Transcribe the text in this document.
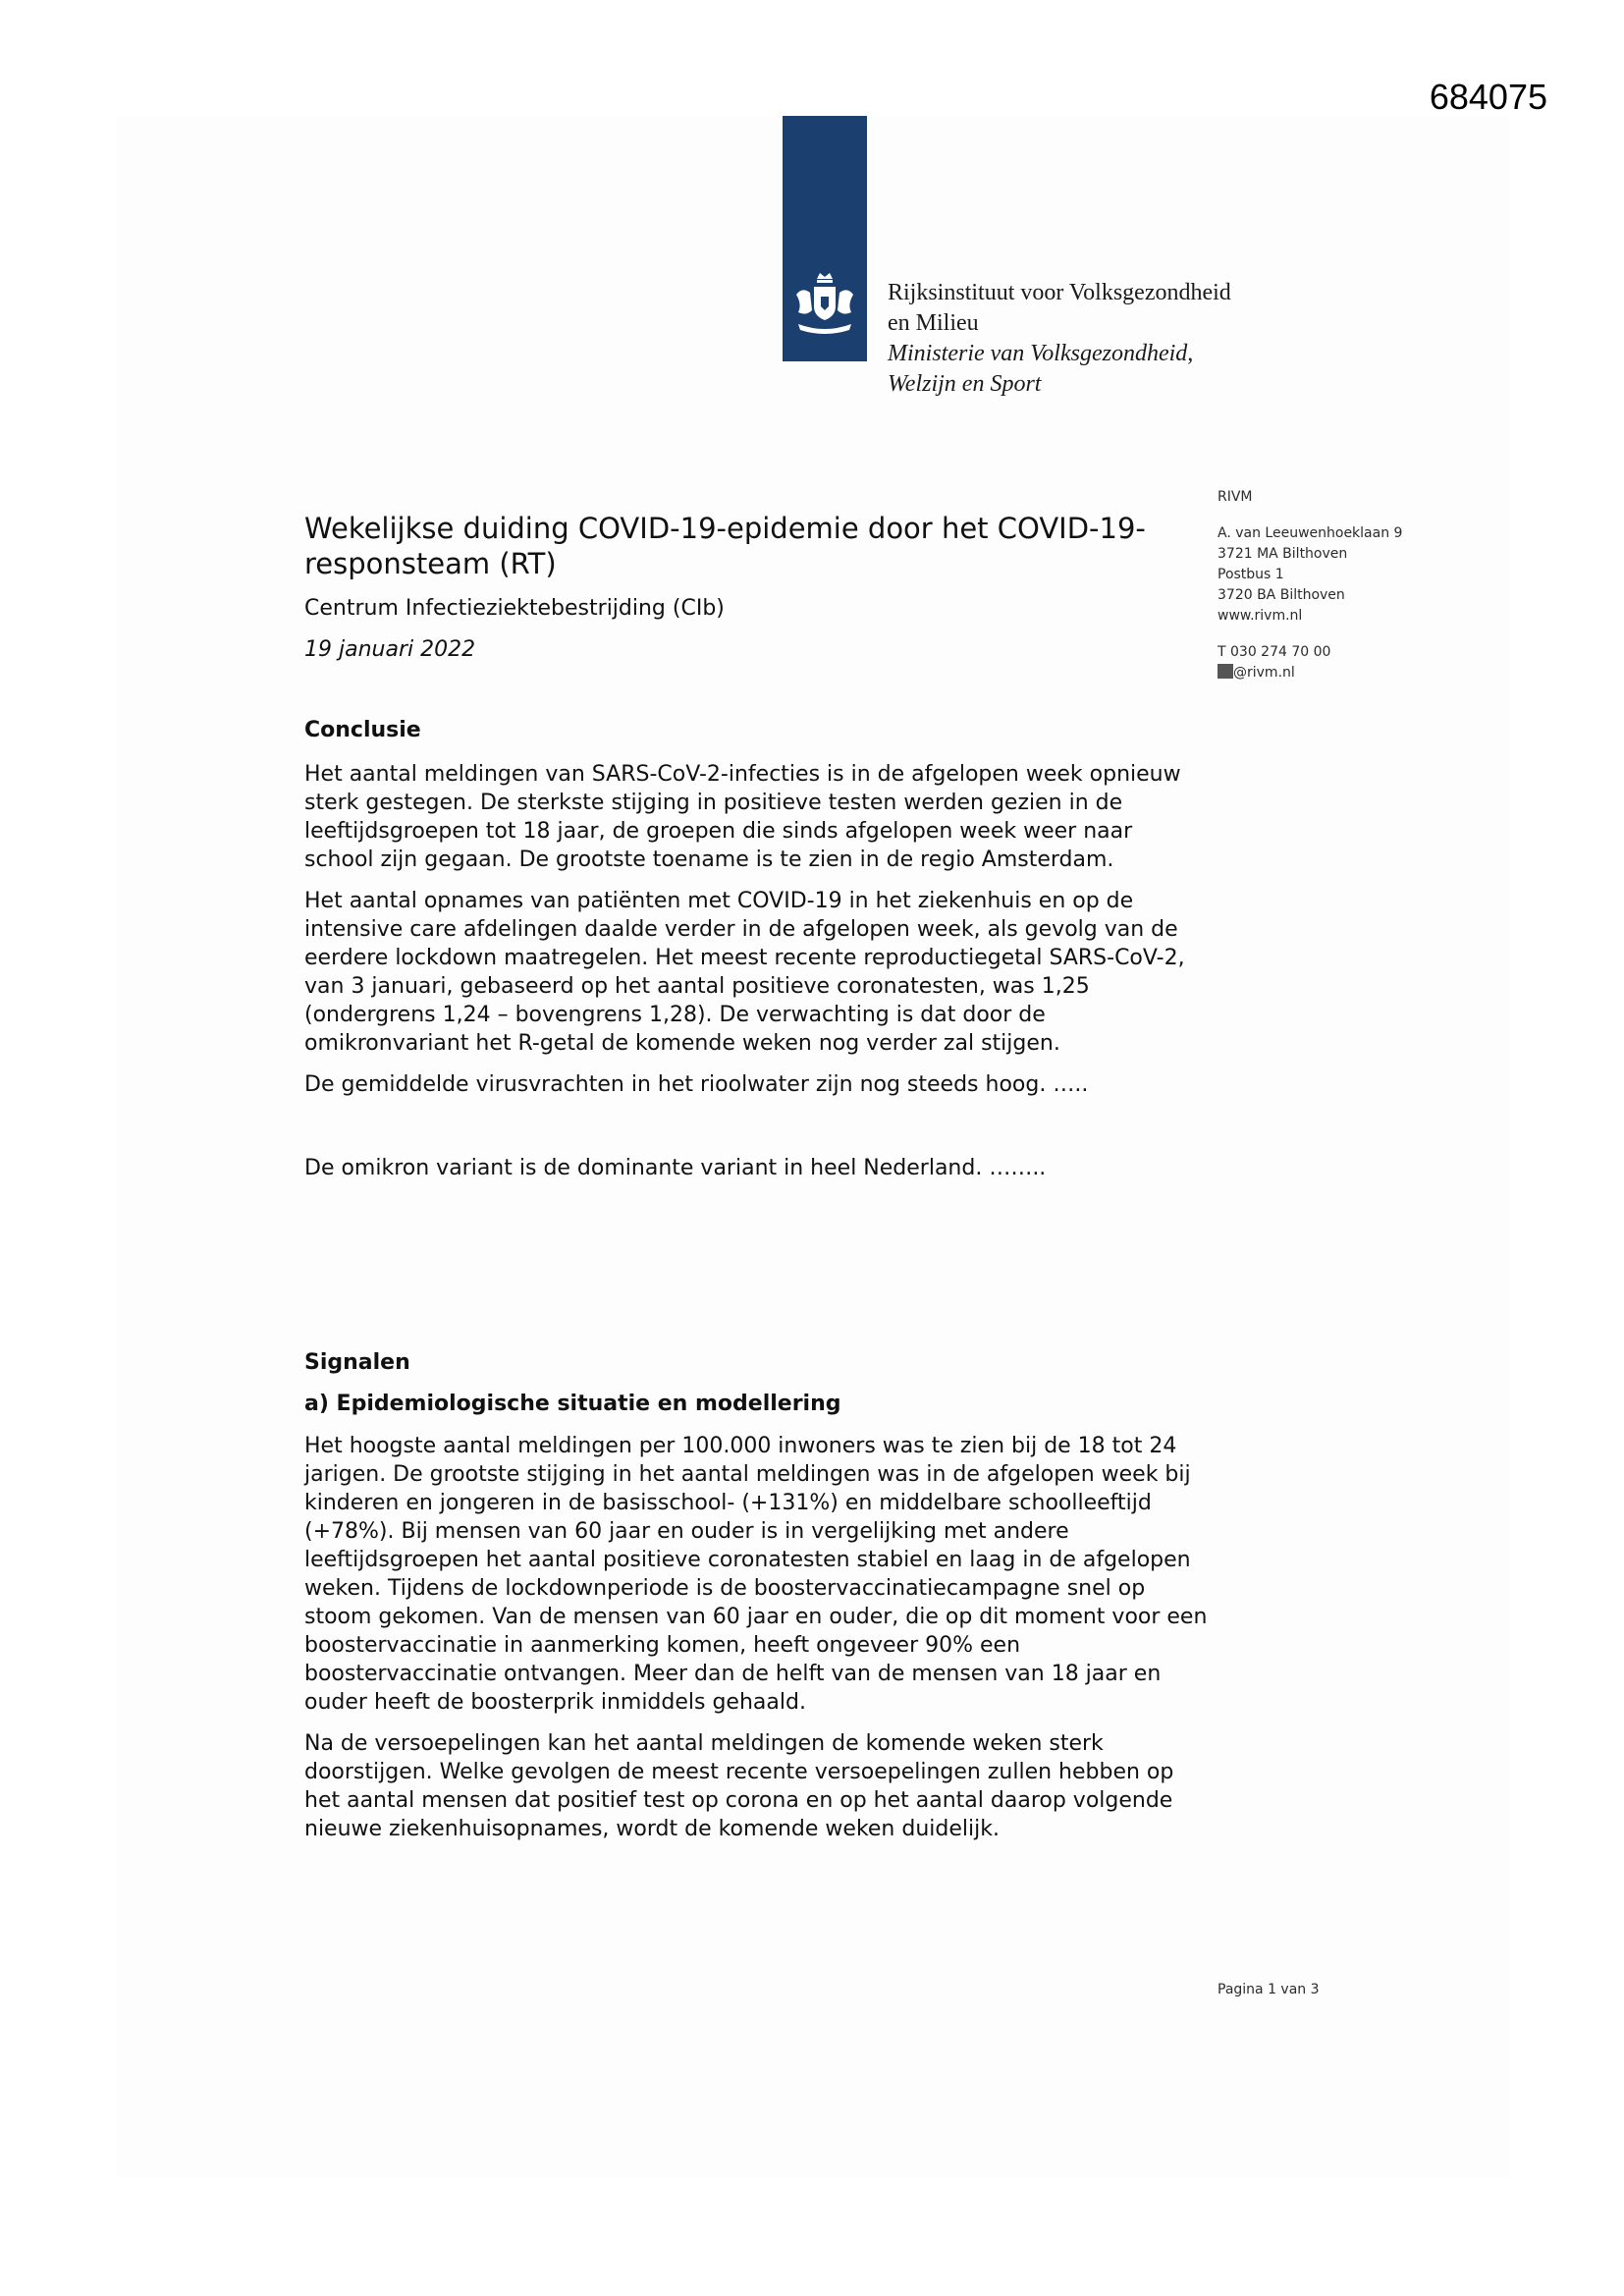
684075
Rijksinstituut voor Volksgezondheid
en Milieu
Ministerie van Volksgezondheid,
Welzijn en Sport
RIVM
A. van Leeuwenhoeklaan 9
3721 MA Bilthoven
Postbus 1
3720 BA Bilthoven
www.rivm.nl
T 030 274 70 00
@rivm.nl
Wekelijkse duiding COVID-19-epidemie door het COVID-19-responsteam (RT)
Centrum Infectieziektebestrijding (CIb)
19 januari 2022
Conclusie

Het aantal meldingen van SARS-CoV-2-infecties is in de afgelopen week opnieuw sterk gestegen. De sterkste stijging in positieve testen werden gezien in de leeftijdsgroepen tot 18 jaar, de groepen die sinds afgelopen week weer naar school zijn gegaan. De grootste toename is te zien in de regio Amsterdam.

Het aantal opnames van patiënten met COVID-19 in het ziekenhuis en op de intensive care afdelingen daalde verder in de afgelopen week, als gevolg van de eerdere lockdown maatregelen. Het meest recente reproductiegetal SARS-CoV-2, van 3 januari, gebaseerd op het aantal positieve coronatesten, was 1,25 (ondergrens 1,24 – bovengrens 1,28). De verwachting is dat door de omikronvariant het R-getal de komende weken nog verder zal stijgen.

De gemiddelde virusvrachten in het rioolwater zijn nog steeds hoog. …..

De omikron variant is de dominante variant in heel Nederland. ……..

Signalen
a) Epidemiologische situatie en modellering

Het hoogste aantal meldingen per 100.000 inwoners was te zien bij de 18 tot 24 jarigen. De grootste stijging in het aantal meldingen was in de afgelopen week bij kinderen en jongeren in de basisschool- (+131%) en middelbare schoolleeftijd (+78%). Bij mensen van 60 jaar en ouder is in vergelijking met andere leeftijdsgroepen het aantal positieve coronatesten stabiel en laag in de afgelopen weken. Tijdens de lockdownperiode is de boostervaccinatiecampagne snel op stoom gekomen. Van de mensen van 60 jaar en ouder, die op dit moment voor een boostervaccinatie in aanmerking komen, heeft ongeveer 90% een boostervaccinatie ontvangen. Meer dan de helft van de mensen van 18 jaar en ouder heeft de boosterprik inmiddels gehaald.

Na de versoepelingen kan het aantal meldingen de komende weken sterk doorstijgen. Welke gevolgen de meest recente versoepelingen zullen hebben op het aantal mensen dat positief test op corona en op het aantal daarop volgende nieuwe ziekenhuisopnames, wordt de komende weken duidelijk.

Pagina 1 van 3
